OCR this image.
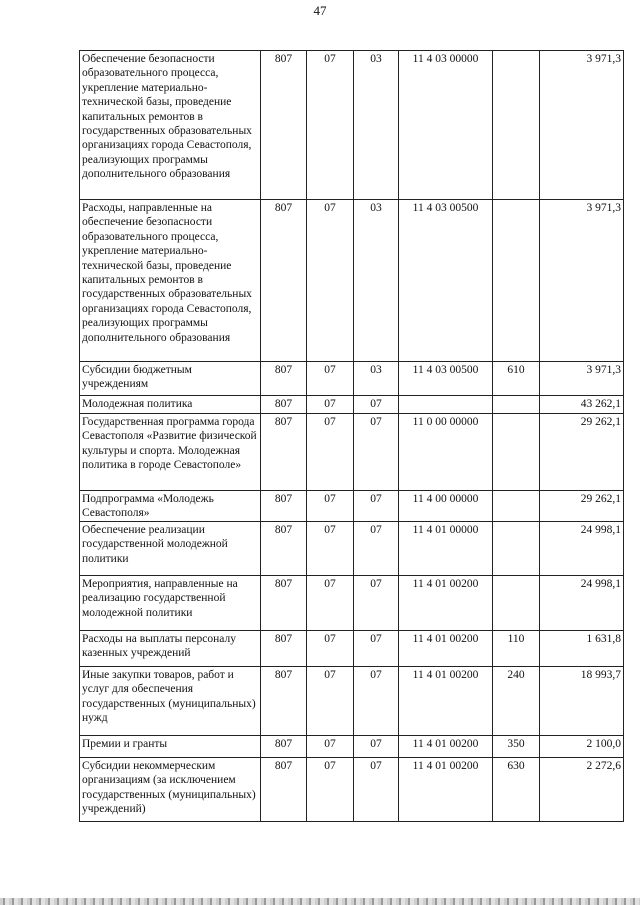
47
Обеспечение безопасности образовательного процесса, укрепление материально-технической базы, проведение капитальных ремонтов в государственных образовательных организациях города Севастополя, реализующих программы дополнительного образования	807	07	03	11 4 03 00000		3 971,3
Расходы, направленные на обеспечение безопасности образовательного процесса, укрепление материально-технической базы, проведение капитальных ремонтов в государственных образовательных организациях города Севастополя, реализующих программы дополнительного образования	807	07	03	11 4 03 00500		3 971,3
Субсидии бюджетным учреждениям	807	07	03	11 4 03 00500	610	3 971,3
Молодежная политика	807	07	07			43 262,1
Государственная программа города Севастополя «Развитие физической культуры и спорта. Молодежная политика в городе Севастополе»	807	07	07	11 0 00 00000		29 262,1
Подпрограмма «Молодежь Севастополя»	807	07	07	11 4 00 00000		29 262,1
Обеспечение реализации государственной молодежной политики	807	07	07	11 4 01 00000		24 998,1
Мероприятия, направленные на реализацию государственной молодежной политики	807	07	07	11 4 01 00200		24 998,1
Расходы на выплаты персоналу казенных учреждений	807	07	07	11 4 01 00200	110	1 631,8
Иные закупки товаров, работ и услуг для обеспечения государственных (муниципальных) нужд	807	07	07	11 4 01 00200	240	18 993,7
Премии и гранты	807	07	07	11 4 01 00200	350	2 100,0
Субсидии некоммерческим организациям (за исключением государственных (муниципальных) учреждений)	807	07	07	11 4 01 00200	630	2 272,6
